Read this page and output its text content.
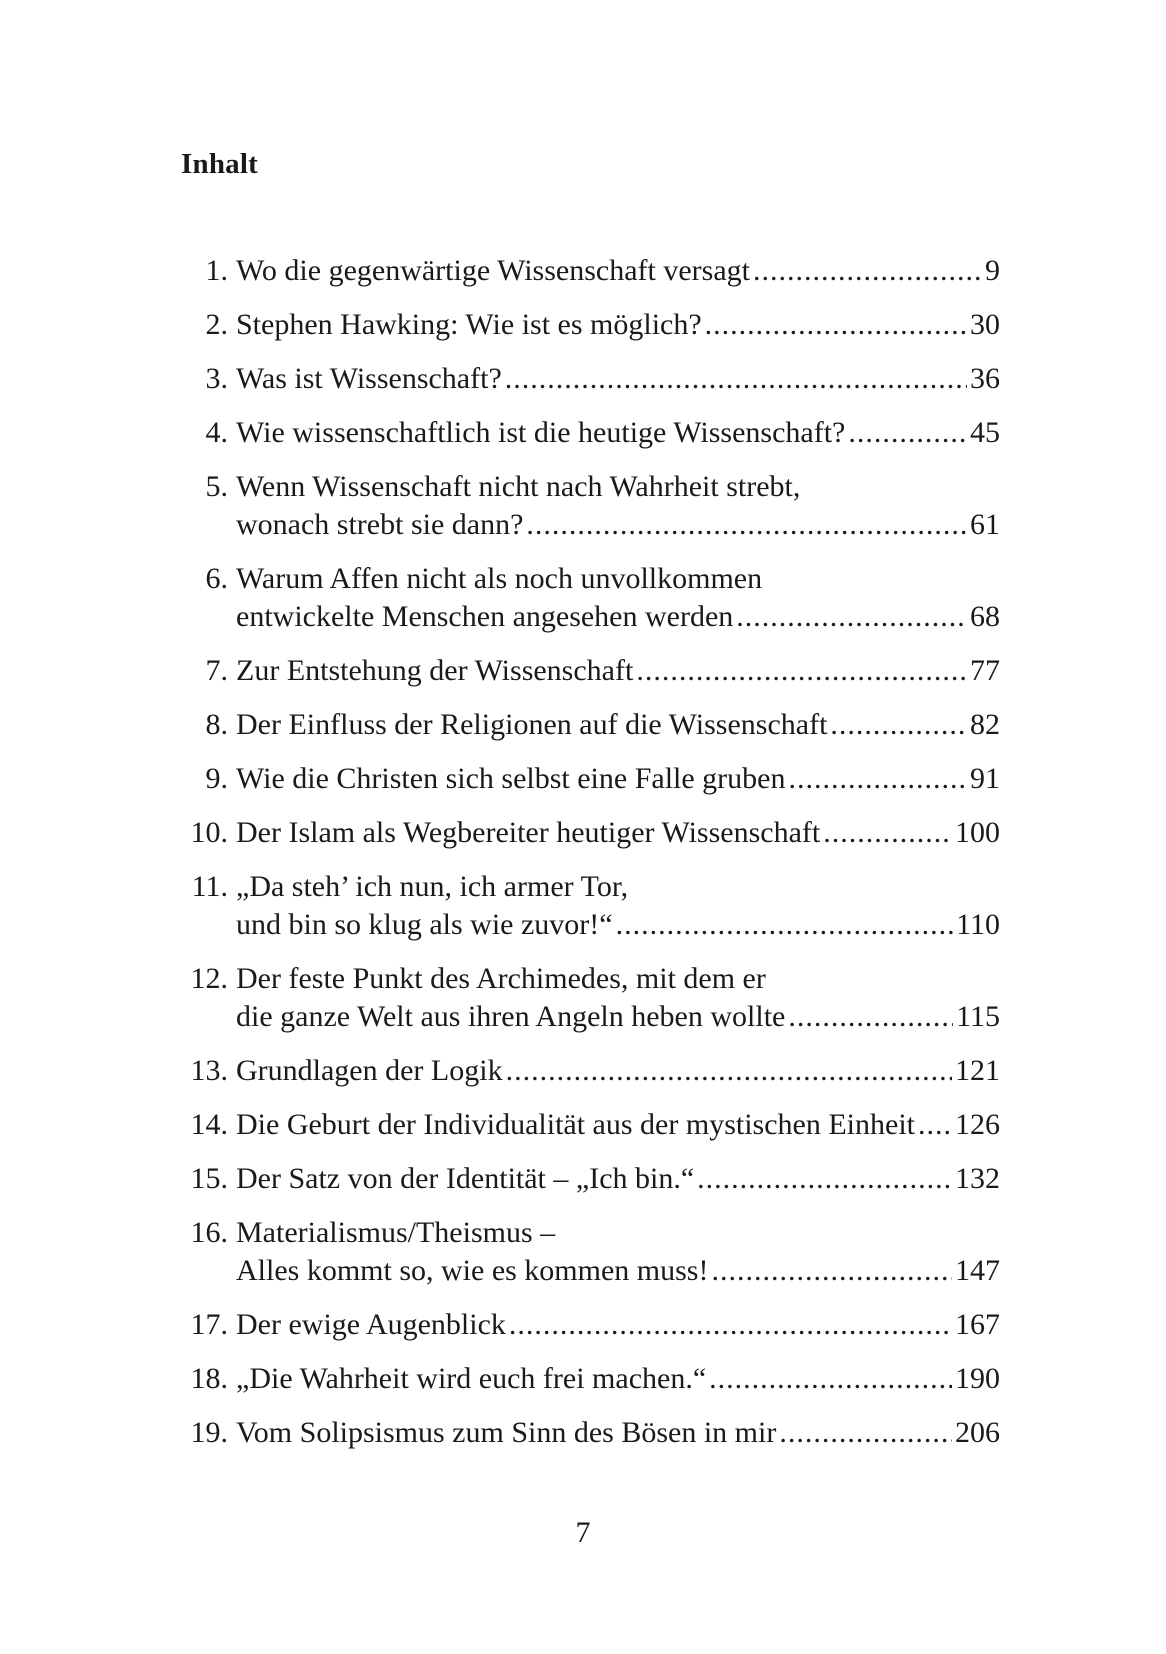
Inhalt
1. Wo die gegenwärtige Wissenschaft versagt .....	9
2. Stephen Hawking: Wie ist es möglich? .....	30
3. Was ist Wissenschaft? .....	36
4. Wie wissenschaftlich ist die heutige Wissenschaft? .....	45
5. Wenn Wissenschaft nicht nach Wahrheit strebt,
wonach strebt sie dann? .....	61
6. Warum Affen nicht als noch unvollkommen
entwickelte Menschen angesehen werden .....	68
7. Zur Entstehung der Wissenschaft .....	77
8. Der Einfluss der Religionen auf die Wissenschaft .....	82
9. Wie die Christen sich selbst eine Falle gruben .....	91
10. Der Islam als Wegbereiter heutiger Wissenschaft .....	100
11. „Da steh’ ich nun, ich armer Tor,
und bin so klug als wie zuvor!“ .....	110
12. Der feste Punkt des Archimedes, mit dem er
die ganze Welt aus ihren Angeln heben wollte .....	115
13. Grundlagen der Logik .....	121
14. Die Geburt der Individualität aus der mystischen Einheit ..... 126
15. Der Satz von der Identität – „Ich bin.“ .....	132
16. Materialismus/Theismus –
Alles kommt so, wie es kommen muss! .....	147
17. Der ewige Augenblick .....	167
18. „Die Wahrheit wird euch frei machen.“ .....	190
19. Vom Solipsismus zum Sinn des Bösen in mir .....	206
7
